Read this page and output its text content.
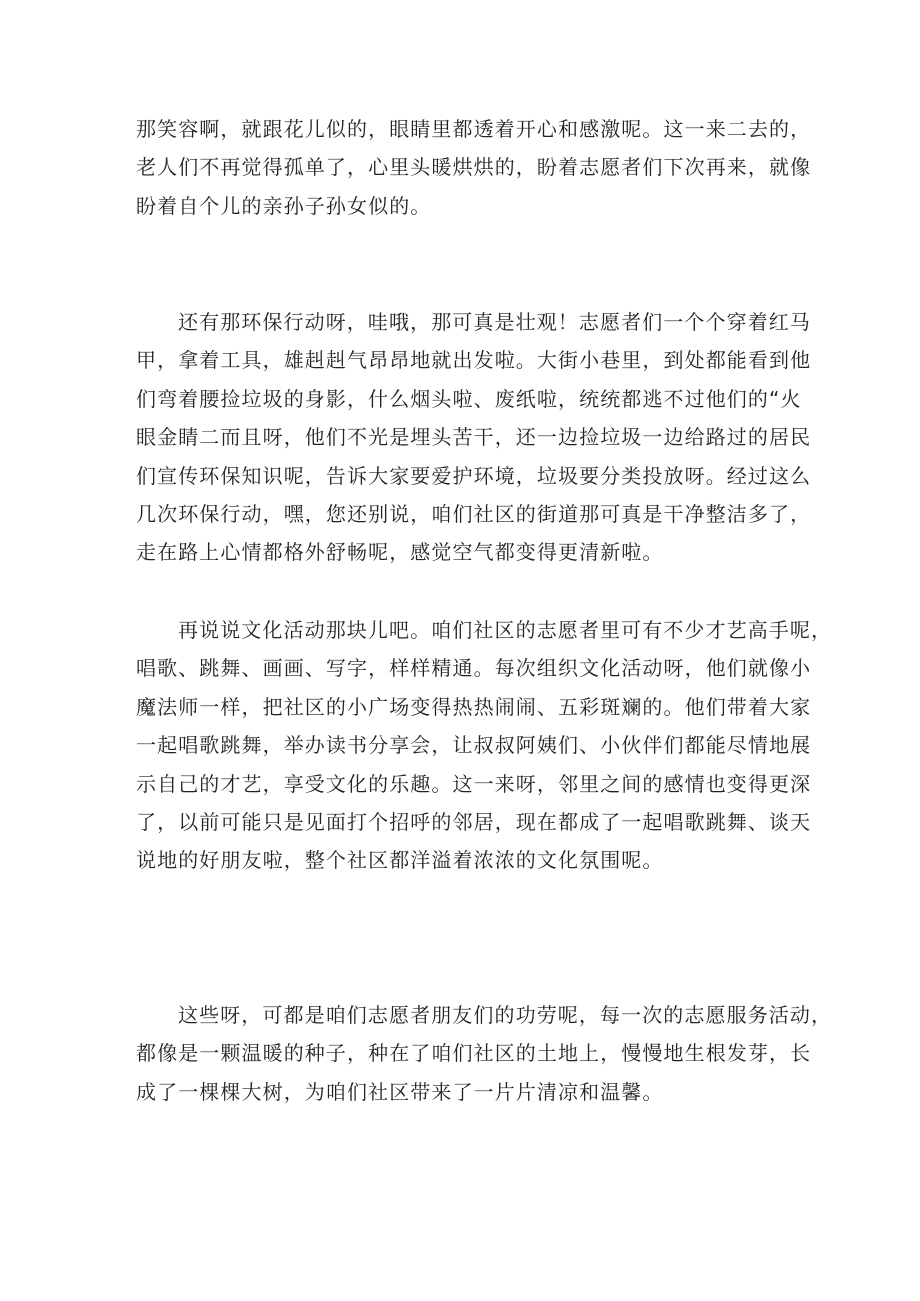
那笑容啊，就跟花儿似的，眼睛里都透着开心和感激呢。这一来二去的，
老人们不再觉得孤单了，心里头暖烘烘的，盼着志愿者们下次再来，就像
盼着自个儿的亲孙子孙女似的。
还有那环保行动呀，哇哦，那可真是壮观！志愿者们一个个穿着红马
甲，拿着工具，雄赳赳气昂昂地就出发啦。大街小巷里，到处都能看到他
们弯着腰捡垃圾的身影，什么烟头啦、废纸啦，统统都逃不过他们的“火
眼金睛二而且呀，他们不光是埋头苦干，还一边捡垃圾一边给路过的居民
们宣传环保知识呢，告诉大家要爱护环境，垃圾要分类投放呀。经过这么
几次环保行动，嘿，您还别说，咱们社区的街道那可真是干净整洁多了，
走在路上心情都格外舒畅呢，感觉空气都变得更清新啦。
再说说文化活动那块儿吧。咱们社区的志愿者里可有不少才艺高手呢，
唱歌、跳舞、画画、写字，样样精通。每次组织文化活动呀，他们就像小
魔法师一样，把社区的小广场变得热热闹闹、五彩斑斓的。他们带着大家
一起唱歌跳舞，举办读书分享会，让叔叔阿姨们、小伙伴们都能尽情地展
示自己的才艺，享受文化的乐趣。这一来呀，邻里之间的感情也变得更深
了，以前可能只是见面打个招呼的邻居，现在都成了一起唱歌跳舞、谈天
说地的好朋友啦，整个社区都洋溢着浓浓的文化氛围呢。
这些呀，可都是咱们志愿者朋友们的功劳呢，每一次的志愿服务活动，
都像是一颗温暖的种子，种在了咱们社区的土地上，慢慢地生根发芽，长
成了一棵棵大树，为咱们社区带来了一片片清凉和温馨。
